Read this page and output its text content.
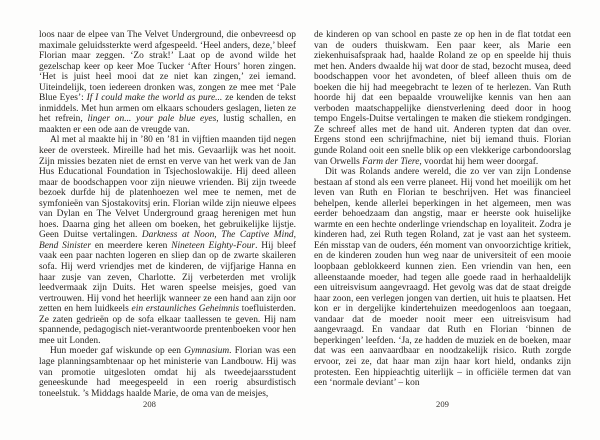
loos naar de elpee van The Velvet Underground, die onbevreesd op maximale geluidssterkte werd afgespeeld. ‘Heel anders, deze,’ bleef Florian maar zeggen. ‘Zo strak!’ Laat op de avond wilde het gezelschap keer op keer Moe Tucker ‘After Hours’ horen zingen. ‘Het is juist heel mooi dat ze niet kan zingen,’ zei iemand. Uiteindelijk, toen iedereen dronken was, zongen ze mee met ‘Pale Blue Eyes’: If I could make the world as pure... ze kenden de tekst inmiddels. Met hun armen om elkaars schouders geslagen, lieten ze het refrein, linger on... your pale blue eyes, lustig schallen, en maakten er een ode aan de vreugde van.

Al met al maakte hij in ’80 en ’81 in vijftien maanden tijd negen keer de oversteek. Mireille had het mis. Gevaarlijk was het nooit. Zijn missies bezaten niet de ernst en verve van het werk van de Jan Hus Educational Foundation in Tsjechoslowakije. Hij deed alleen maar de boodschappen voor zijn nieuwe vrienden. Bij zijn tweede bezoek durfde hij de platenhoezen wel mee te nemen, met de symfonieën van Sjostakovitsj erin. Florian wilde zijn nieuwe elpees van Dylan en The Velvet Underground graag herenigen met hun hoes. Daarna ging het alleen om boeken, het gebruikelijke lijstje. Geen Duitse vertalingen. Darkness at Noon, The Captive Mind, Bend Sinister en meerdere keren Nineteen Eighty-Four. Hij bleef vaak een paar nachten logeren en sliep dan op de zwarte skaileren sofa. Hij werd vriendjes met de kinderen, de vijfjarige Hanna en haar zusje van zeven, Charlotte. Zij verbeterden met vrolijk leedvermaak zijn Duits. Het waren speelse meisjes, goed van vertrouwen. Hij vond het heerlijk wanneer ze een hand aan zijn oor zetten en hem luidkeels ein erstaunliches Geheimnis toefluisterden. Ze zaten gedrieën op de sofa elkaar taallessen te geven. Hij nam spannende, pedagogisch niet-verantwoorde prentenboeken voor hen mee uit Londen.

Hun moeder gaf wiskunde op een Gymnasium. Florian was een lage planningsambtenaar op het ministerie van Landbouw. Hij was van promotie uitgesloten omdat hij als tweedejaarsstudent geneeskunde had meegespeeld in een roerig absurdistisch toneelstuk. ’s Middags haalde Marie, de oma van de meisjes,

208

de kinderen op van school en paste ze op hen in de flat totdat een van de ouders thuiskwam. Een paar keer, als Marie een ziekenhuisafspraak had, haalde Roland ze op en speelde hij thuis met hen. Anders dwaalde hij wat door de stad, bezocht musea, deed boodschappen voor het avondeten, of bleef alleen thuis om de boeken die hij had meegebracht te lezen of te herlezen. Van Ruth hoorde hij dat een bepaalde vrouwelijke kennis van hen aan verboden maatschappelijke dienstverlening deed door in hoog tempo Engels-Duitse vertalingen te maken die stiekem rondgingen. Ze schreef alles met de hand uit. Anderen typten dat dan over. Ergens stond een schrijfmachine, niet bij iemand thuis. Florian gunde Roland ooit een snelle blik op een vlekkerige carbondoorslag van Orwells Farm der Tiere, voordat hij hem weer doorgaf.

Dit was Rolands andere wereld, die zo ver van zijn Londense bestaan af stond als een verre planeet. Hij vond het moeilijk om het leven van Ruth en Florian te beschrijven. Het was financieel behelpen, kende allerlei beperkingen in het algemeen, men was eerder behoedzaam dan angstig, maar er heerste ook huiselijke warmte en een hechte onderlinge vriendschap en loyaliteit. Zodra je kinderen had, zei Ruth tegen Roland, zat je vast aan het systeem. Eén misstap van de ouders, één moment van onvoorzichtige kritiek, en de kinderen zouden hun weg naar de universiteit of een mooie loopbaan geblokkeerd kunnen zien. Een vriendin van hen, een alleenstaande moeder, had tegen alle goede raad in herhaaldelijk een uitreisvisum aangevraagd. Het gevolg was dat de staat dreigde haar zoon, een verlegen jongen van dertien, uit huis te plaatsen. Het kon er in dergelijke kindertehuizen meedogenloos aan toegaan, vandaar dat de moeder nooit meer een uitreisvisum had aangevraagd. En vandaar dat Ruth en Florian ‘binnen de beperkingen’ leefden. ‘Ja, ze hadden de muziek en de boeken, maar dat was een aanvaardbaar en noodzakelijk risico. Ruth zorgde ervoor, zei ze, dat haar man zijn haar kort hield, ondanks zijn protesten. Een hippieachtig uiterlijk – in officiële termen dat van een ‘normale deviant’ – kon

209
